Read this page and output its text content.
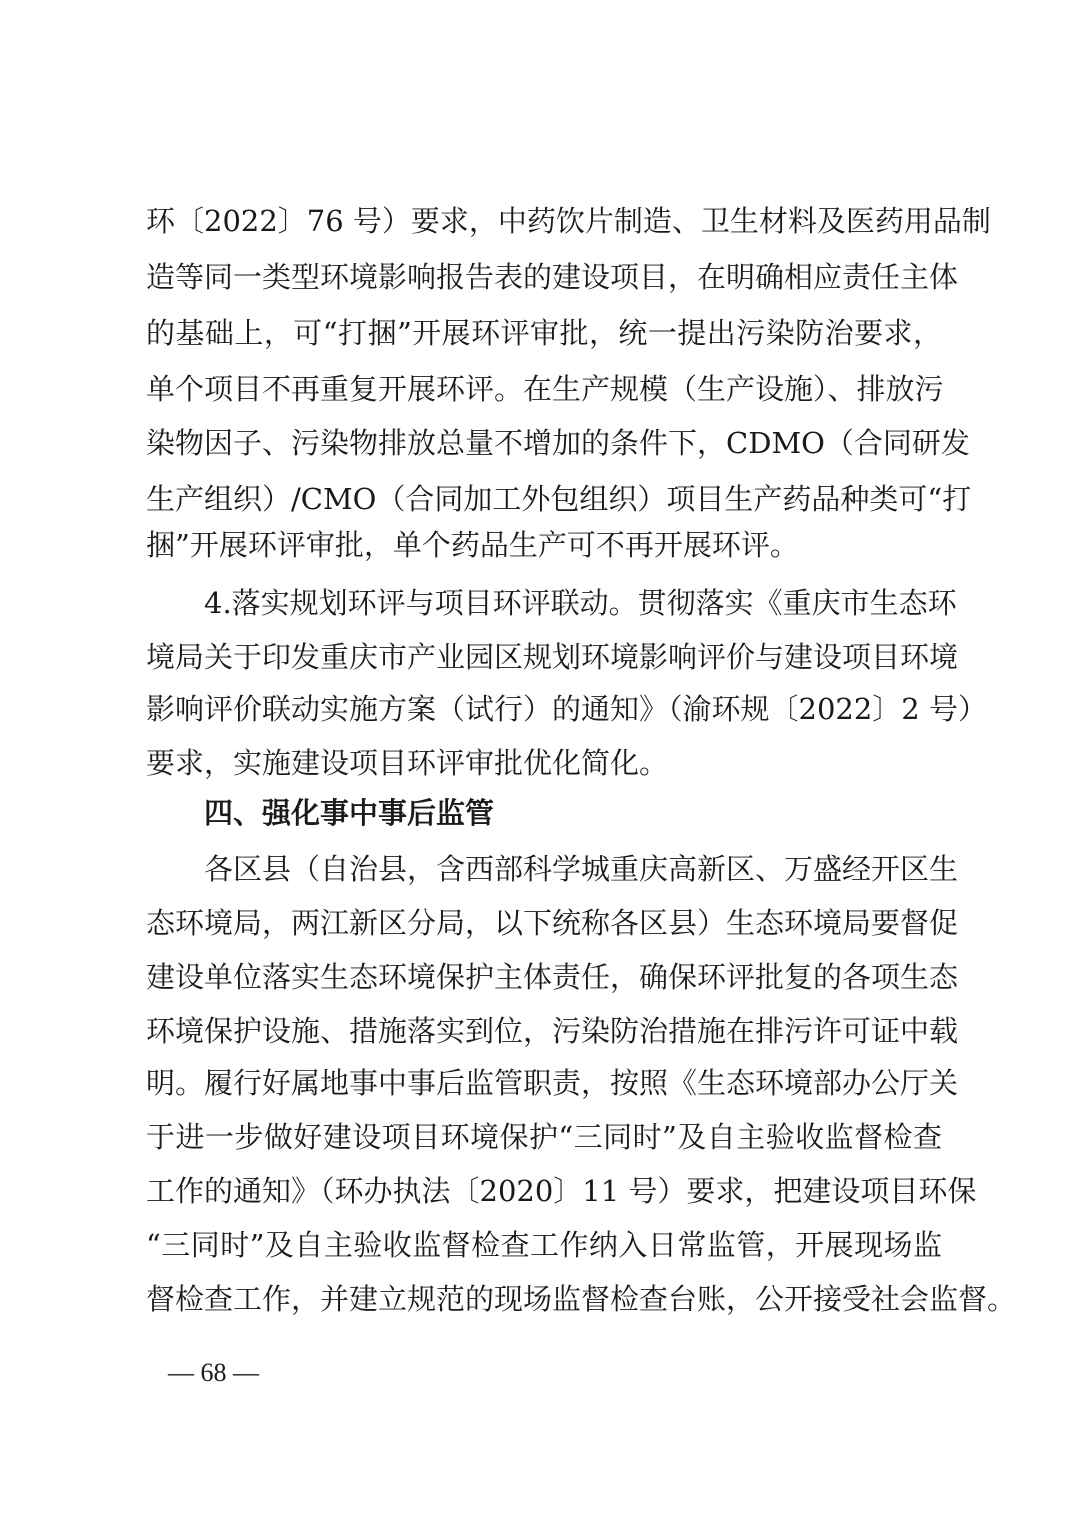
环〔2022〕76 号）要求，中药饮片制造、卫生材料及医药用品制
造等同一类型环境影响报告表的建设项目，在明确相应责任主体
的基础上，可“打捆”开展环评审批，统一提出污染防治要求，
单个项目不再重复开展环评。在生产规模（生产设施）、排放污
染物因子、污染物排放总量不增加的条件下，CDMO（合同研发
生产组织）/CMO（合同加工外包组织）项目生产药品种类可“打
捆”开展环评审批，单个药品生产可不再开展环评。
4.落实规划环评与项目环评联动。贯彻落实《重庆市生态环
境局关于印发重庆市产业园区规划环境影响评价与建设项目环境
影响评价联动实施方案（试行）的通知》（渝环规〔2022〕2 号）
要求，实施建设项目环评审批优化简化。
四、强化事中事后监管
各区县（自治县，含西部科学城重庆高新区、万盛经开区生
态环境局，两江新区分局，以下统称各区县）生态环境局要督促
建设单位落实生态环境保护主体责任，确保环评批复的各项生态
环境保护设施、措施落实到位，污染防治措施在排污许可证中载
明。履行好属地事中事后监管职责，按照《生态环境部办公厅关
于进一步做好建设项目环境保护“三同时”及自主验收监督检查
工作的通知》（环办执法〔2020〕11 号）要求，把建设项目环保
“三同时”及自主验收监督检查工作纳入日常监管，开展现场监
督检查工作，并建立规范的现场监督检查台账，公开接受社会监督。
— 68 —
